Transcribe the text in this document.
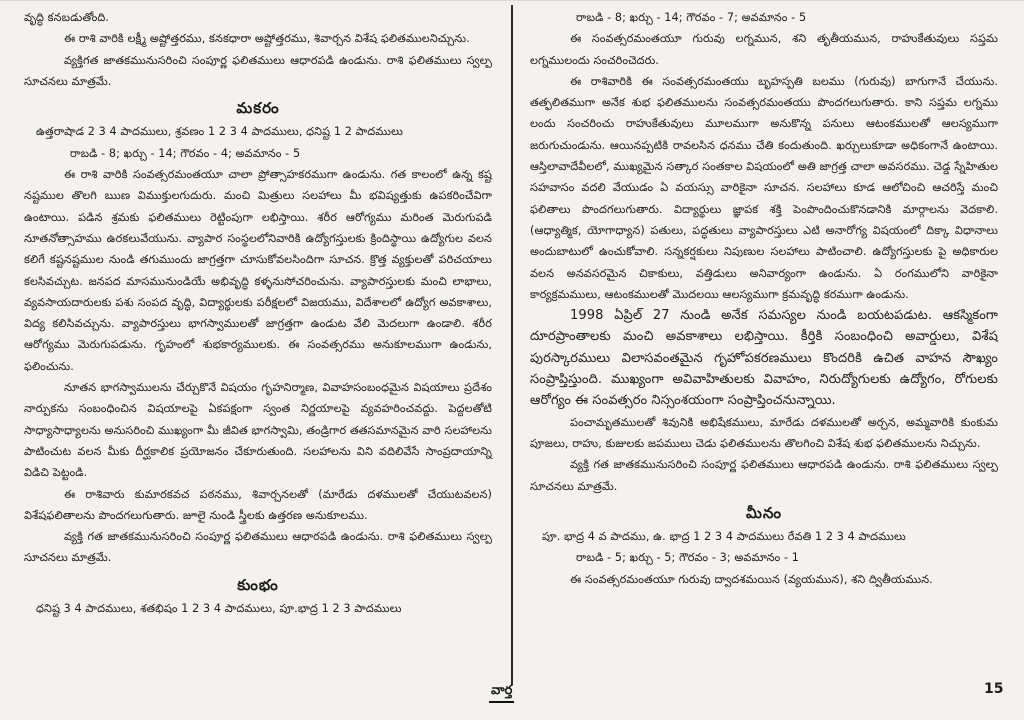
వృద్ధి కనబడుతోంది.

ఈ రాశి వారికి లక్ష్మీ అష్టోత్తరము, కనకధారా అష్టోత్తరము, శివార్చన విశేష ఫలితములనిచ్చును.

వ్యక్తిగత జాతకమునుసరించి సంపూర్ణ ఫలితములు ఆధారపడి ఉండును. రాశి ఫలితములు స్వల్ప సూచనలు మాత్రమే.

మకరం

ఉత్తరాషాడ 2 3 4 పాదములు, శ్రవణం 1 2 3 4 పాదములు, ధనిష్ట 1 2 పాదములు

రాబడి - 8; ఖర్చు - 14; గౌరవం - 4; అవమానం - 5

ఈ రాశి వారికి సంవత్సరమంతయూ చాలా ప్రోత్సాహకరముగా ఉండును. గత కాలంలో ఉన్న కష్ట నష్టముల తొలగి ఋణ విముక్తులగుదురు. మంచి మిత్రులు సలహాలు మీ భవిష్యత్తుకు ఉపకరించేవిగా ఉంటాయి. పడిన శ్రమకు ఫలితములు రెట్టింపుగా లభిస్తాయి. శరీర ఆరోగ్యము మరింత మెరుగుపడి నూతనోత్సాహము ఉరకలువేయును. వ్యాపార సంస్థలలోనివారికి ఉద్యోగస్తులకు క్రిందిస్థాయి ఉద్యోగుల వలన కలిగే కష్టనష్టముల నుండి తగుముందు జాగ్రత్తగా చూసుకోవలసిందిగా సూచన. క్రొత్త వ్యక్తులతో పరిచయాలు కలసివచ్చుట. జనపద మాసమునుండియే అభివృద్ధి కళ్ళనుసోచరించును. వ్యాపారస్తులకు మంచి లాభాలు, వ్యవసాయదారులకు పశు సంపద వృద్ధి, విద్యార్థులకు పరీక్షలలో విజయము, విదేశాలలో ఉద్యోగ అవకాశాలు, విద్య కలిసివచ్చును. వ్యాపారస్తులు భాగస్వాములతో జాగ్రత్తగా ఉండుట వేలి మెదలుగా ఉండాలి. శరీర ఆరోగ్యము మెరుగుపడును. గృహంలో శుభకార్యములకు. ఈ సంవత్సరము అనుకూలముగా ఉండును, ఫలించును.

నూతన భాగస్వాములను చేర్చుకొనే విషయం గృహనిర్మాణ, వివాహసంబంధమైన విషయాలు ప్రదేశం నార్పుకను సంబంధించిన విషయాలపై ఏకపక్షంగా స్వంత నిర్ణయాలపై వ్యవహరించవద్దు. పెద్దలతోటి సాధ్యాసాధ్యాలను అనుసరించి ముఖ్యంగా మీ జీవిత భాగస్వామి, తండ్రిగార తతసమానమైన వారి సలహాలను పాటించుట వలన మీకు దీర్ఘకాలిక ప్రయోజనం చేకూరుతుంది. సలహాలను విని వదిలివేసే సాంప్రదాయాన్ని విడిచి పెట్టండి.

ఈ రాశివారు కుమారకవచ పఠనము, శివార్చనలతో (మారేడు దళములతో చేయుటవలన) విశేషఫలితాలను పొందగలుగుతారు. జూలై నుండి స్త్రీలకు ఉత్తరణ అనుకూలము.

వ్యక్తి గత జాతకమునుసరించి సంపూర్ణ ఫలితములు ఆధారపడి ఉండును. రాశి ఫలితములు స్వల్ప సూచనలు మాత్రమే.

కుంభం

ధనిష్ట 3 4 పాదములు, శతభిషం 1 2 3 4 పాదములు, పూ.భాద్ర 1 2 3 పాదములు

రాబడి - 8; ఖర్చు - 14; గౌరవం - 7; అవమానం - 5

ఈ సంవత్సరమంతయూ గురువు లగ్నమున, శని తృతీయమున, రాహుకేతువులు సప్తమ లగ్నములందు సంచరించెదరు.

ఈ రాశివారికి ఈ సంవత్సరమంతయు బృహస్పతి బలము (గురువు) బాగుగానే చేయును. తత్ఫలితముగా అనేక శుభ ఫలితములను సంవత్సరమంతయు పొందగలుగుతారు. కాని సప్తమ లగ్నము లందు సంచరించు రాహుకేతువులు మూలముగా అనుకొన్న పనులు ఆటంకములతో ఆలస్యముగా జరుగుచుండును. ఆయినప్పటికి రావలసిన ధనము చేతి కందుతుంది. ఖర్చులుకూడా అధికంగానే ఉంటాయి. ఆస్తిలావాదేవీలలో, ముఖ్యమైన సత్కార సంతకాల విషయంలో అతి జాగ్రత్త చాలా అవసరము. చెడ్డ స్నేహితుల సహవాసం వదలి వేయుడం ఏ వయస్సు వారికైనా సూచన. సలహాలు కూడ ఆలోచించి ఆచరిస్తే మంచి ఫలితాలు పొందగలుగుతారు. విద్యార్థులు జ్ఞాపక శక్తి పెంపొందించుకొనడానికి మార్గాలను వెదకాలి. (ఆధ్యాత్మిక, యోగాధ్యాన) పతులు, పద్ధతులు వ్యాపారస్తులు ఎటి అనారోగ్య విషయంలో దిక్కా విధానాలు అందుబాటులో ఉంచుకోవాలి. సన్నకర్షకులు నిపుణుల సలహాలు పాటించాలి. ఉద్యోగస్తులకు పై అధికారుల వలన అనవసరమైన చికాకులు, వత్తిడులు అనివార్యంగా ఉండును. ఏ రంగములోని వారికైనా కార్యక్రమములు, ఆటంకములతో మొదలయి ఆలస్యముగా క్రమవృద్ధి కరముగా ఉండును.

1998 ఏప్రిల్ 27 నుండి అనేక సమస్యల నుండి బయటపడుట. ఆకస్మికంగా దూరప్రాంతాలకు మంచి అవకాశాలు లభిస్తాయి. కీర్తికి సంబంధించి అవార్డులు, విశేష పురస్కారములు విలాసవంతమైన గృహోపకరణములు కొందరికి ఉచిత వాహన సౌఖ్యం సంప్రాప్తిస్తుంది. ముఖ్యంగా అవివాహితులకు వివాహం, నిరుద్యోగులకు ఉద్యోగం, రోగులకు ఆరోగ్యం ఈ సంవత్సరం నిస్సంశయంగా సంప్రాప్తించనున్నాయి.

పంచామృతములతో శివునికి అభిషేకములు, మారేడు దళములతో అర్చన, అమ్మవారికి కుంకుమ పూజలు, రాహు, కుజులకు జపములు చెడు ఫలితములను తొలగించి విశేష శుభ ఫలితములను నిచ్చును.

వ్యక్తి గత జాతకమునుసరించి సంపూర్ణ ఫలితములు ఆధారపడి ఉండును. రాశి ఫలితములు స్వల్ప సూచనలు మాత్రమే.

మీనం

పూ. భాద్ర 4 వ పాదము, ఉ. భాద్ర 1 2 3 4 పాదములు రేవతి 1 2 3 4 పాదములు

రాబడి - 5; ఖర్చు - 5; గౌరవం - 3; అవమానం - 1

ఈ సంవత్సరమంతయూ గురువు ద్వాదశమయిన (వ్యయమున), శని ద్వితీయమున.

వార్త	15
